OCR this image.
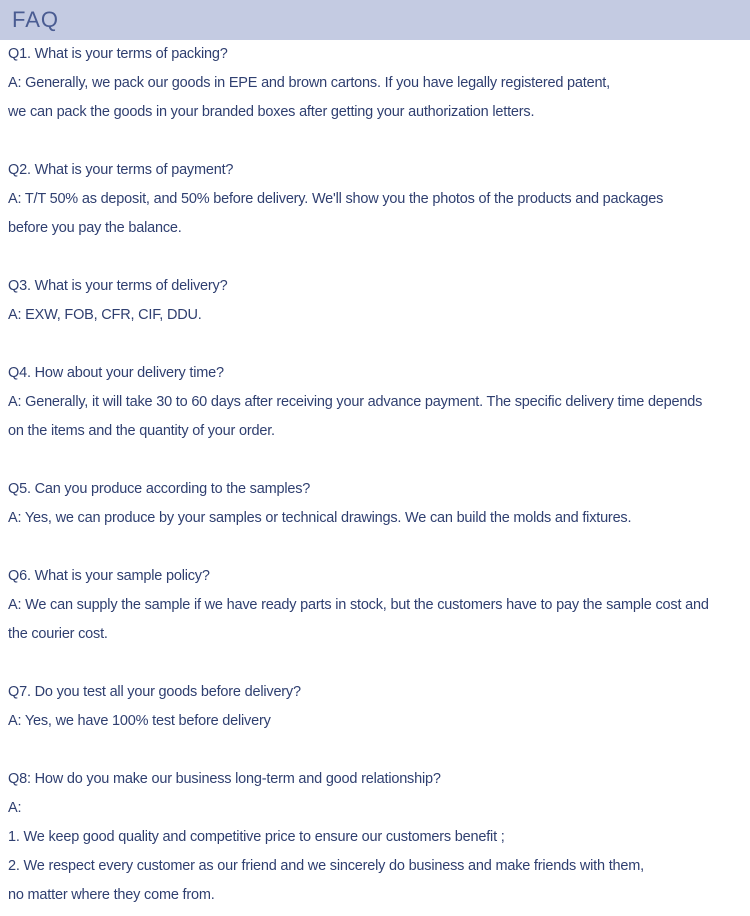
FAQ
Q1. What is your terms of packing?
A: Generally, we pack our goods in EPE and brown cartons. If you have legally registered patent,
we can pack the goods in your branded boxes after getting your authorization letters.
Q2. What is your terms of payment?
A: T/T 50% as deposit, and 50% before delivery. We'll show you the photos of the products and packages
before you pay the balance.
Q3. What is your terms of delivery?
A: EXW, FOB, CFR, CIF, DDU.
Q4. How about your delivery time?
A: Generally, it will take 30 to 60 days after receiving your advance payment. The specific delivery time depends
on the items and the quantity of your order.
Q5. Can you produce according to the samples?
A: Yes, we can produce by your samples or technical drawings. We can build the molds and fixtures.
Q6. What is your sample policy?
A: We can supply the sample if we have ready parts in stock, but the customers have to pay the sample cost and
the courier cost.
Q7. Do you test all your goods before delivery?
A: Yes, we have 100% test before delivery
Q8: How do you make our business long-term and good relationship?
A:
1. We keep good quality and competitive price to ensure our customers benefit ;
2. We respect every customer as our friend and we sincerely do business and make friends with them,
no matter where they come from.
